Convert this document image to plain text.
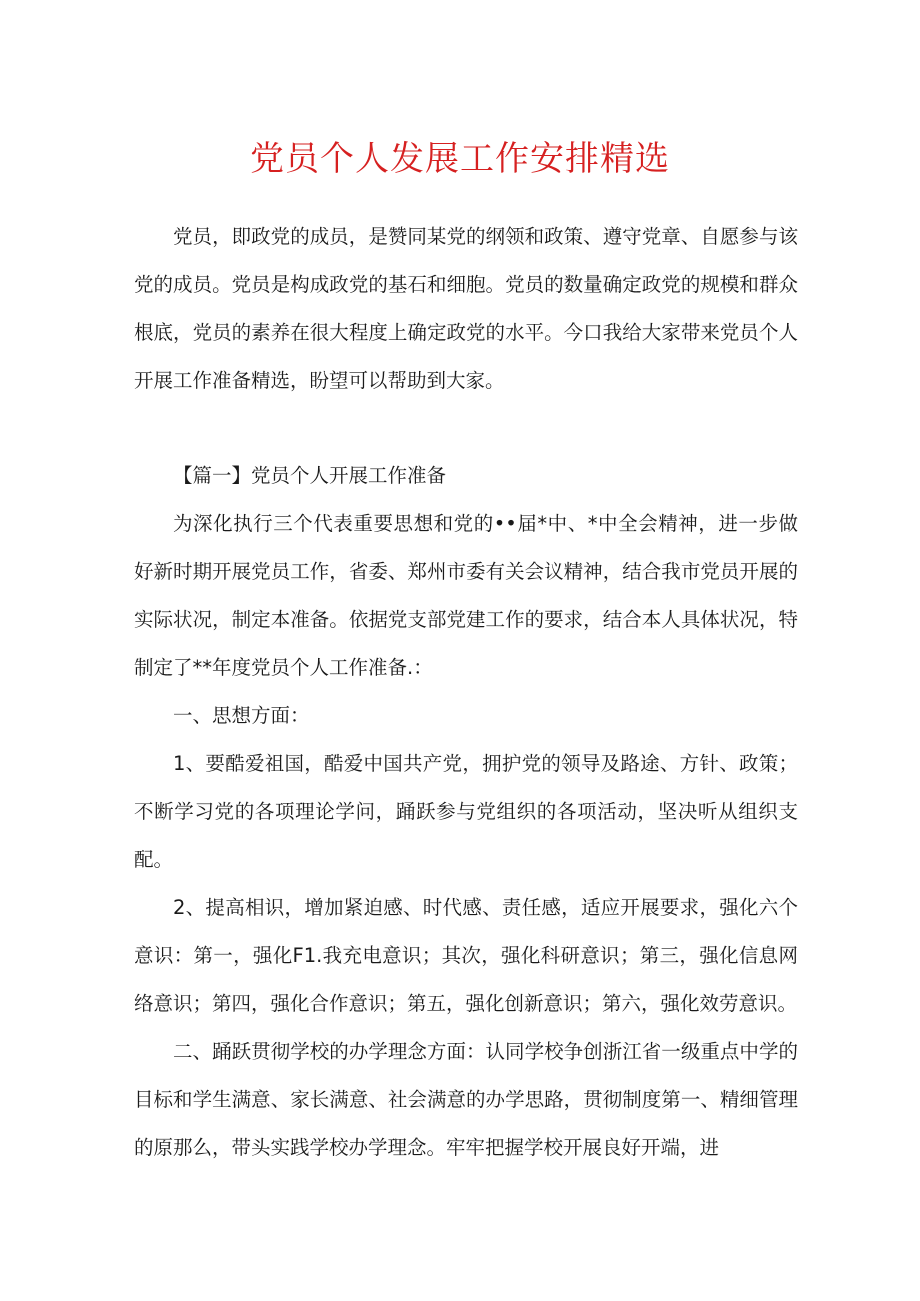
党员个人发展工作安排精选

党员，即政党的成员，是赞同某党的纲领和政策、遵守党章、自愿参与该党的成员。党员是构成政党的基石和细胞。党员的数量确定政党的规模和群众根底，党员的素养在很大程度上确定政党的水平。今口我给大家带来党员个人开展工作准备精选，盼望可以帮助到大家。

【篇一】党员个人开展工作准备

为深化执行三个代表重要思想和党的••届*中、*中全会精神，进一步做好新时期开展党员工作，省委、郑州市委有关会议精神，结合我市党员开展的实际状况，制定本准备。依据党支部党建工作的要求，结合本人具体状况，特制定了**年度党员个人工作准备.：

一、思想方面：

1、要酷爱祖国，酷爱中国共产党，拥护党的领导及路途、方针、政策；不断学习党的各项理论学问，踊跃参与党组织的各项活动，坚决听从组织支配。

2、提高相识，增加紧迫感、时代感、责任感，适应开展要求，强化六个意识：第一，强化F1.我充电意识；其次，强化科研意识；第三，强化信息网络意识；第四，强化合作意识；第五，强化创新意识；第六，强化效劳意识。

二、踊跃贯彻学校的办学理念方面：认同学校争创浙江省一级重点中学的目标和学生满意、家长满意、社会满意的办学思路，贯彻制度第一、精细管理的原那么，带头实践学校办学理念。牢牢把握学校开展良好开端，进
